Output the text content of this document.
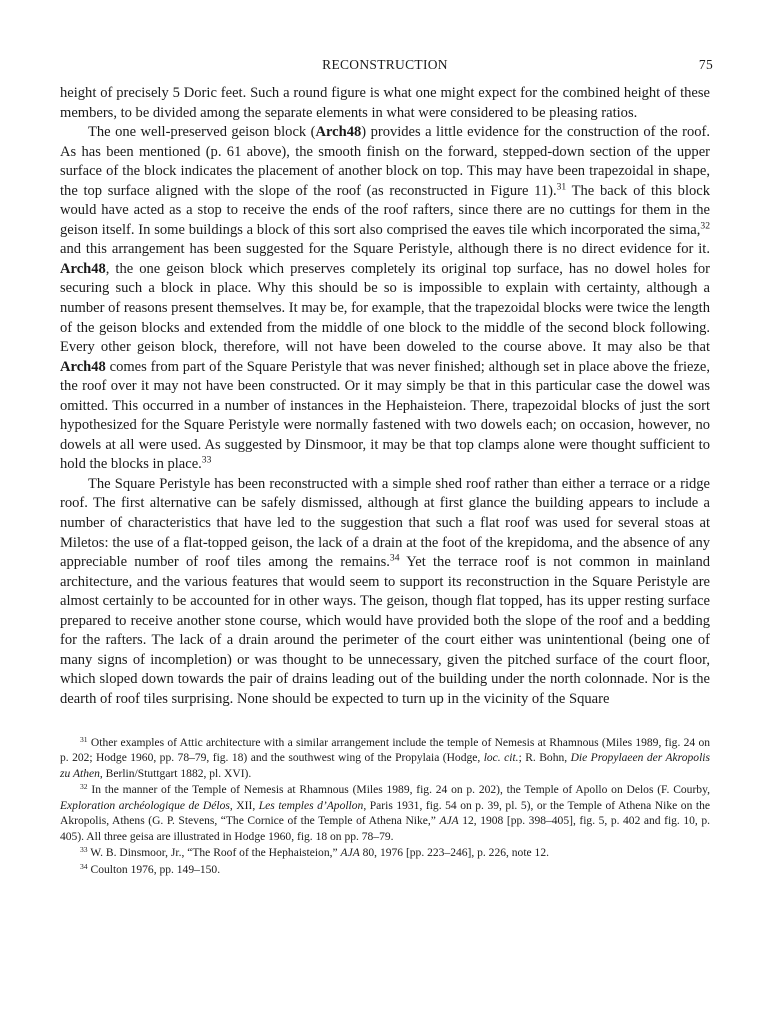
RECONSTRUCTION	75

height of precisely 5 Doric feet. Such a round figure is what one might expect for the combined height of these members, to be divided among the separate elements in what were considered to be pleasing ratios.

The one well-preserved geison block (Arch48) provides a little evidence for the construction of the roof. As has been mentioned (p. 61 above), the smooth finish on the forward, stepped-down section of the upper surface of the block indicates the placement of another block on top. This may have been trapezoidal in shape, the top surface aligned with the slope of the roof (as reconstructed in Figure 11).$^{31}$ The back of this block would have acted as a stop to receive the ends of the roof rafters, since there are no cuttings for them in the geison itself. In some buildings a block of this sort also comprised the eaves tile which incorporated the sima,$^{32}$ and this arrangement has been suggested for the Square Peristyle, although there is no direct evidence for it. Arch48, the one geison block which preserves completely its original top surface, has no dowel holes for securing such a block in place. Why this should be so is impossible to explain with certainty, although a number of reasons present themselves. It may be, for example, that the trapezoidal blocks were twice the length of the geison blocks and extended from the middle of one block to the middle of the second block following. Every other geison block, therefore, will not have been doweled to the course above. It may also be that Arch48 comes from part of the Square Peristyle that was never finished; although set in place above the frieze, the roof over it may not have been constructed. Or it may simply be that in this particular case the dowel was omitted. This occurred in a number of instances in the Hephaisteion. There, trapezoidal blocks of just the sort hypothesized for the Square Peristyle were normally fastened with two dowels each; on occasion, however, no dowels at all were used. As suggested by Dinsmoor, it may be that top clamps alone were thought sufficient to hold the blocks in place.$^{33}$

The Square Peristyle has been reconstructed with a simple shed roof rather than either a terrace or a ridge roof. The first alternative can be safely dismissed, although at first glance the building appears to include a number of characteristics that have led to the suggestion that such a flat roof was used for several stoas at Miletos: the use of a flat-topped geison, the lack of a drain at the foot of the krepidoma, and the absence of any appreciable number of roof tiles among the remains.$^{34}$ Yet the terrace roof is not common in mainland architecture, and the various features that would seem to support its reconstruction in the Square Peristyle are almost certainly to be accounted for in other ways. The geison, though flat topped, has its upper resting surface prepared to receive another stone course, which would have provided both the slope of the roof and a bedding for the rafters. The lack of a drain around the perimeter of the court either was unintentional (being one of many signs of incompletion) or was thought to be unnecessary, given the pitched surface of the court floor, which sloped down towards the pair of drains leading out of the building under the north colonnade. Nor is the dearth of roof tiles surprising. None should be expected to turn up in the vicinity of the Square

$^{31}$ Other examples of Attic architecture with a similar arrangement include the temple of Nemesis at Rhamnous (Miles 1989, fig. 24 on p. 202; Hodge 1960, pp. 78–79, fig. 18) and the southwest wing of the Propylaia (Hodge, loc. cit.; R. Bohn, Die Propylaeen der Akropolis zu Athen, Berlin/Stuttgart 1882, pl. XVI).

$^{32}$ In the manner of the Temple of Nemesis at Rhamnous (Miles 1989, fig. 24 on p. 202), the Temple of Apollo on Delos (F. Courby, Exploration archéologique de Délos, XII, Les temples d’Apollon, Paris 1931, fig. 54 on p. 39, pl. 5), or the Temple of Athena Nike on the Akropolis, Athens (G. P. Stevens, “The Cornice of the Temple of Athena Nike,” AJA 12, 1908 [pp. 398–405], fig. 5, p. 402 and fig. 10, p. 405). All three geisa are illustrated in Hodge 1960, fig. 18 on pp. 78–79.

$^{33}$ W. B. Dinsmoor, Jr., “The Roof of the Hephaisteion,” AJA 80, 1976 [pp. 223–246], p. 226, note 12.

$^{34}$ Coulton 1976, pp. 149–150.
